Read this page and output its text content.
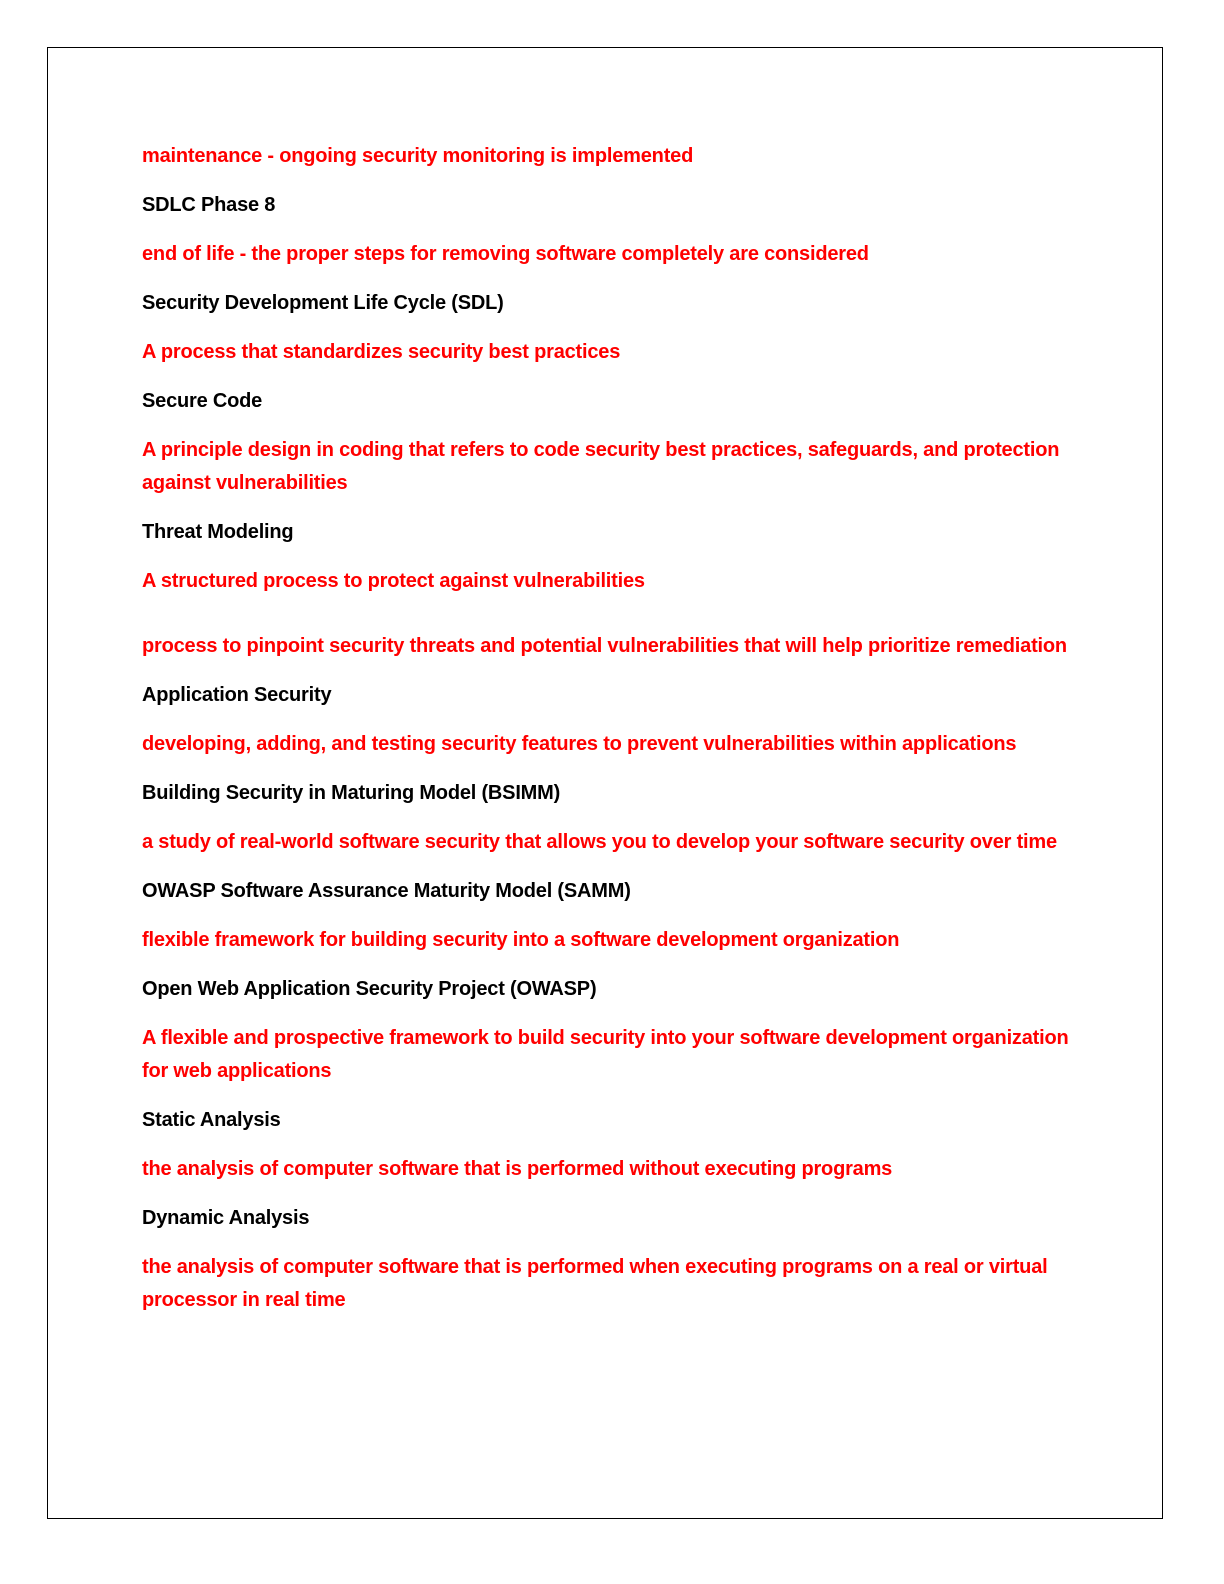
maintenance - ongoing security monitoring is implemented

SDLC Phase 8

end of life - the proper steps for removing software completely are considered

Security Development Life Cycle (SDL)

A process that standardizes security best practices

Secure Code

A principle design in coding that refers to code security best practices, safeguards, and protection against vulnerabilities

Threat Modeling

A structured process to protect against vulnerabilities

process to pinpoint security threats and potential vulnerabilities that will help prioritize remediation

Application Security

developing, adding, and testing security features to prevent vulnerabilities within applications

Building Security in Maturing Model (BSIMM)

a study of real-world software security that allows you to develop your software security over time

OWASP Software Assurance Maturity Model (SAMM)

flexible framework for building security into a software development organization

Open Web Application Security Project (OWASP)

A flexible and prospective framework to build security into your software development organization for web applications

Static Analysis

the analysis of computer software that is performed without executing programs

Dynamic Analysis

the analysis of computer software that is performed when executing programs on a real or virtual processor in real time
